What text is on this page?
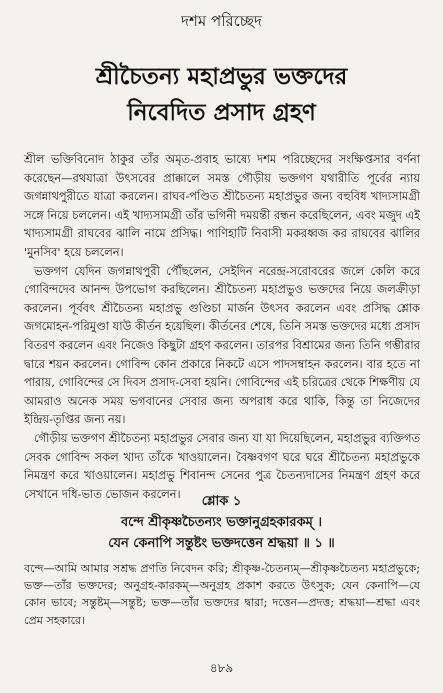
দশম পরিচ্ছেদ
শ্রীচৈতন্য মহাপ্রভুর ভক্তদের
নিবেদিত প্রসাদ গ্রহণ

শ্রীল ভক্তিবিনোদ ঠাকুর তাঁর অমৃত-প্রবাহ ভাষ্যে দশম পরিচ্ছেদের সংক্ষিপ্তসার বর্ণনা করেছেন—রথযাত্রা উৎসবের প্রাক্কালে সমস্ত গৌড়ীয় ভক্তগণ যথারীতি পূর্বের ন্যায় জগন্নাথপুরীতে যাত্রা করলেন। রাঘব-পণ্ডিত শ্রীচৈতন্য মহাপ্রভুর জন্য বহুবিধ খাদ্যসামগ্রী সঙ্গে নিয়ে চললেন। এই খাদ্যসামগ্রী তাঁর ভগিনী দময়ন্তী রন্ধন করেছিলেন, এবং মজুদ এই খাদ্যসামগ্রী রাঘবের ঝালি নামে প্রসিদ্ধ। পাণিহাটি নিবাসী মকরধ্বজ কর রাঘবের ঝালির 'মুনসিব' হয়ে চললেন।

ভক্তগণ যেদিন জগন্নাথপুরী পৌঁছলেন, সেইদিন নরেন্দ্র-সরোবরের জলে কেলি করে গোবিন্দদেব আনন্দ উপভোগ করছিলেন। শ্রীচৈতন্য মহাপ্রভুও ভক্তদের নিয়ে জলক্রীড়া করলেন। পূর্ববৎ শ্রীচৈতন্য মহাপ্রভু গুণ্ডিচা মার্জন উৎসব করলেন এবং প্রসিদ্ধ শ্লোক জগমোহন-পরিমুণ্ডা যাউ কীর্তন হয়েছিল। কীর্তনের শেষে, তিনি সমস্ত ভক্তদের মধ্যে প্রসাদ বিতরণ করলেন এবং নিজেও কিছুটা গ্রহণ করলেন। তারপর বিশ্রামের জন্য তিনি গম্ভীরার দ্বারে শয়ন করলেন। গোবিন্দ কোন প্রকারে নিকটে এসে পাদসম্বাহন করলেন। বার হতে না পারায়, গোবিন্দের সে দিবস প্রসাদ-সেবা হয়নি। গোবিন্দের এই চরিত্রের থেকে শিক্ষণীয় যে আমরাও অনেক সময় ভগবানের সেবার জন্য অপরাধ করে থাকি, কিন্তু তা নিজেদের ইন্দ্রিয়-তৃপ্তির জন্য নয়।

গৌড়ীয় ভক্তগণ শ্রীচৈতন্য মহাপ্রভুর সেবার জন্য যা যা দিয়েছিলেন, মহাপ্রভুর ব্যক্তিগত সেবক গোবিন্দ সকল খাদ্য তাঁকে খাওয়ালেন। বৈষ্ণবগণ ঘরে ঘরে শ্রীচৈতন্য মহাপ্রভুকে নিমন্ত্রণ করে খাওয়ালেন। মহাপ্রভু শিবানন্দ সেনের পুত্র চৈতন্যদাসের নিমন্ত্রণ গ্রহণ করে সেখানে দধি-ভাত ভোজন করলেন।

শ্লোক ১
বন্দে শ্রীকৃষ্ণচৈতন্যং ভক্তানুগ্রহকারকম্ ।
যেন কেনাপি সন্তুষ্টং ভক্তদত্তেন শ্রদ্ধয়া ॥ ১ ॥
বন্দে—আমি আমার সশ্রদ্ধ প্রণতি নিবেদন করি; শ্রীকৃষ্ণ-চৈতন্যম্—শ্রীকৃষ্ণচৈতন্য মহাপ্রভুকে; ভক্ত—তাঁর ভক্তদের; অনুগ্রহ-কারকম্—অনুগ্রহ প্রকাশ করতে উৎসুক; যেন কেনাপি—যে কোন ভাবে; সন্তুষ্টম্—সন্তুষ্ট; ভক্ত—তাঁর ভক্তদের দ্বারা; দত্তেন—প্রদত্ত; শ্রদ্ধয়া—শ্রদ্ধা এবং প্রেম সহকারে।
৪৮৯
